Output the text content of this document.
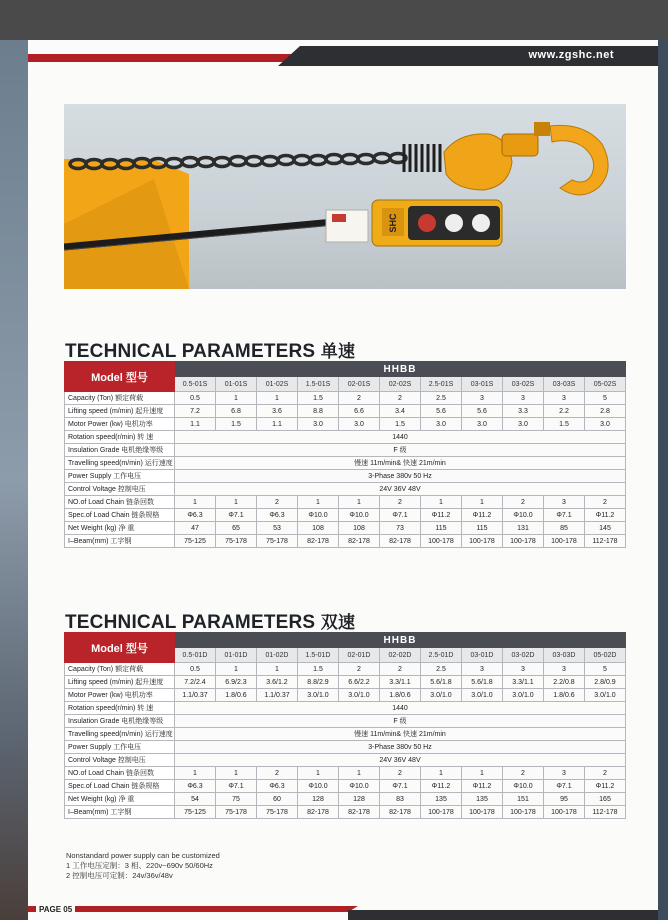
www.zgshc.net
SHC
TECHNICAL PARAMETERS 单速
Model 型号	HHBB										
	0.5-01S	01-01S	01-02S	1.5-01S	02-01S	02-02S	2.5-01S	03-01S	03-02S	03-03S	05-02S
Capacity (Ton) 额定荷载	0.5	1	1	1.5	2	2	2.5	3	3	3	5
Lifting speed (m/min) 起升速度	7.2	6.8	3.6	8.8	6.6	3.4	5.6	5.6	3.3	2.2	2.8
Motor Power (kw) 电机功率	1.1	1.5	1.1	3.0	3.0	1.5	3.0	3.0	3.0	1.5	3.0
Rotation speed(r/min) 转 速	1440										
Insulation Grade 电机绝缘等级	F 级										
Travelling speed(m/min) 运行速度	慢速 11m/min& 快速 21m/min										
Power Supply 工作电压	3-Phase 380v 50 Hz										
Control Voltage 控制电压	24V 36V 48V										
NO.of Load Chain 链条回数	1	1	2	1	1	2	1	1	2	3	2
Spec.of Load Chain 链条规格	Φ6.3	Φ7.1	Φ6.3	Φ10.0	Φ10.0	Φ7.1	Φ11.2	Φ11.2	Φ10.0	Φ7.1	Φ11.2
Net Weight (kg) 净 重	47	65	53	108	108	73	115	115	131	85	145
I–Beam(mm) 工字钢	75-125	75-178	75-178	82-178	82-178	82-178	100-178	100-178	100-178	100-178	112-178
TECHNICAL PARAMETERS 双速
Model 型号	HHBB										
	0.5-01D	01-01D	01-02D	1.5-01D	02-01D	02-02D	2.5-01D	03-01D	03-02D	03-03D	05-02D
Capacity (Ton) 额定荷载	0.5	1	1	1.5	2	2	2.5	3	3	3	5
Lifting speed (m/min) 起升速度	7.2/2.4	6.9/2.3	3.6/1.2	8.8/2.9	6.6/2.2	3.3/1.1	5.6/1.8	5.6/1.8	3.3/1.1	2.2/0.8	2.8/0.9
Motor Power (kw) 电机功率	1.1/0.37	1.8/0.6	1.1/0.37	3.0/1.0	3.0/1.0	1.8/0.6	3.0/1.0	3.0/1.0	3.0/1.0	1.8/0.6	3.0/1.0
Rotation speed(r/min) 转 速	1440										
Insulation Grade 电机绝缘等级	F 级										
Travelling speed(m/min) 运行速度	慢速 11m/min& 快速 21m/min										
Power Supply 工作电压	3-Phase 380v 50 Hz										
Control Voltage 控制电压	24V 36V 48V										
NO.of Load Chain 链条回数	1	1	2	1	1	2	1	1	2	3	2
Spec.of Load Chain 链条规格	Φ6.3	Φ7.1	Φ6.3	Φ10.0	Φ10.0	Φ7.1	Φ11.2	Φ11.2	Φ10.0	Φ7.1	Φ11.2
Net Weight (kg) 净 重	54	75	60	128	128	83	135	135	151	95	165
I–Beam(mm) 工字钢	75-125	75-178	75-178	82-178	82-178	82-178	100-178	100-178	100-178	100-178	112-178
Nonstandard power supply can be customized
1 工作电压定制：3 相、220v~690v 50/60Hz
2 控制电压可定制：24v/36v/48v
PAGE 05
